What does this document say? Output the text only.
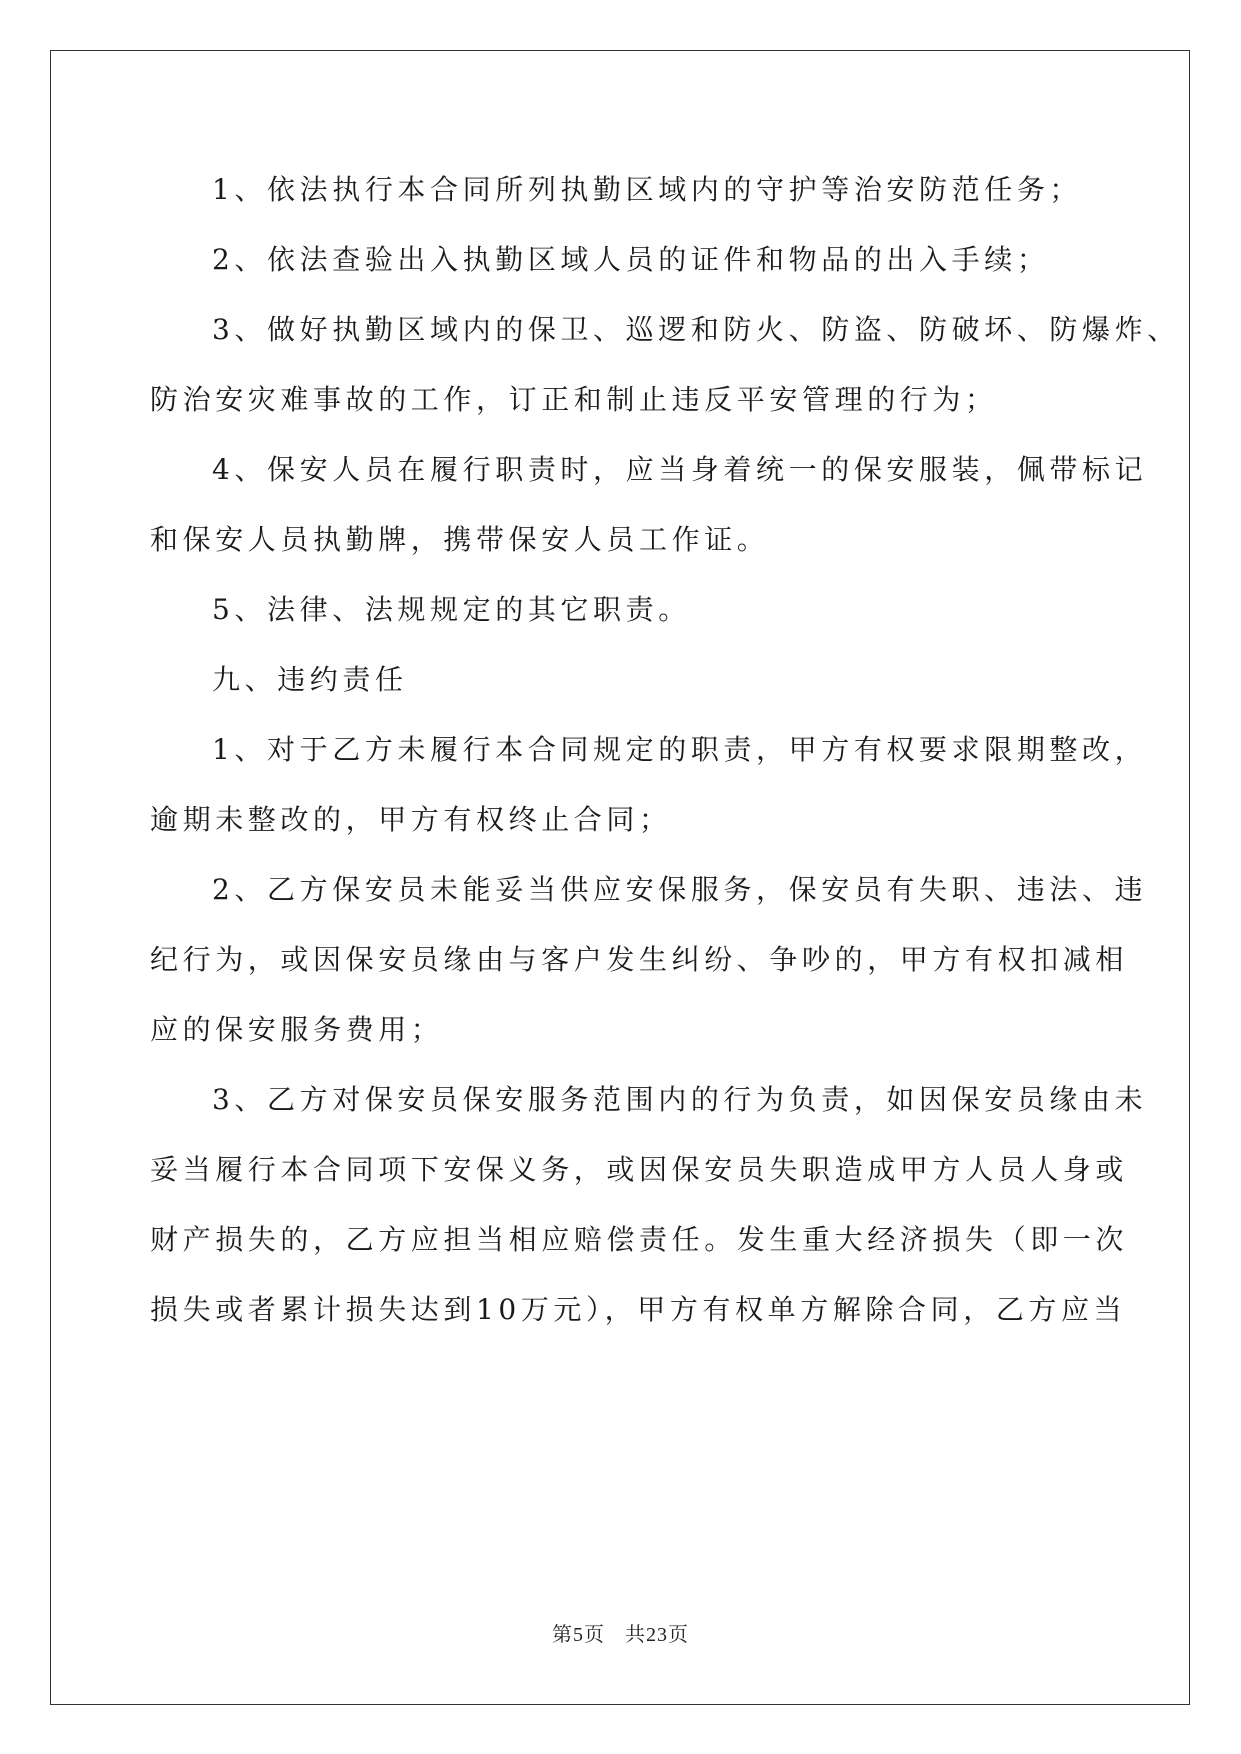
1、依法执行本合同所列执勤区域内的守护等治安防范任务；
2、依法查验出入执勤区域人员的证件和物品的出入手续；
3、做好执勤区域内的保卫、巡逻和防火、防盗、防破坏、防爆炸、
防治安灾难事故的工作，订正和制止违反平安管理的行为；
4、保安人员在履行职责时，应当身着统一的保安服装，佩带标记
和保安人员执勤牌，携带保安人员工作证。
5、法律、法规规定的其它职责。
九、违约责任
1、对于乙方未履行本合同规定的职责，甲方有权要求限期整改，
逾期未整改的，甲方有权终止合同；
2、乙方保安员未能妥当供应安保服务，保安员有失职、违法、违
纪行为，或因保安员缘由与客户发生纠纷、争吵的，甲方有权扣减相
应的保安服务费用；
3、乙方对保安员保安服务范围内的行为负责，如因保安员缘由未
妥当履行本合同项下安保义务，或因保安员失职造成甲方人员人身或
财产损失的，乙方应担当相应赔偿责任。发生重大经济损失（即一次
损失或者累计损失达到10万元），甲方有权单方解除合同，乙方应当
第5页 共23页
